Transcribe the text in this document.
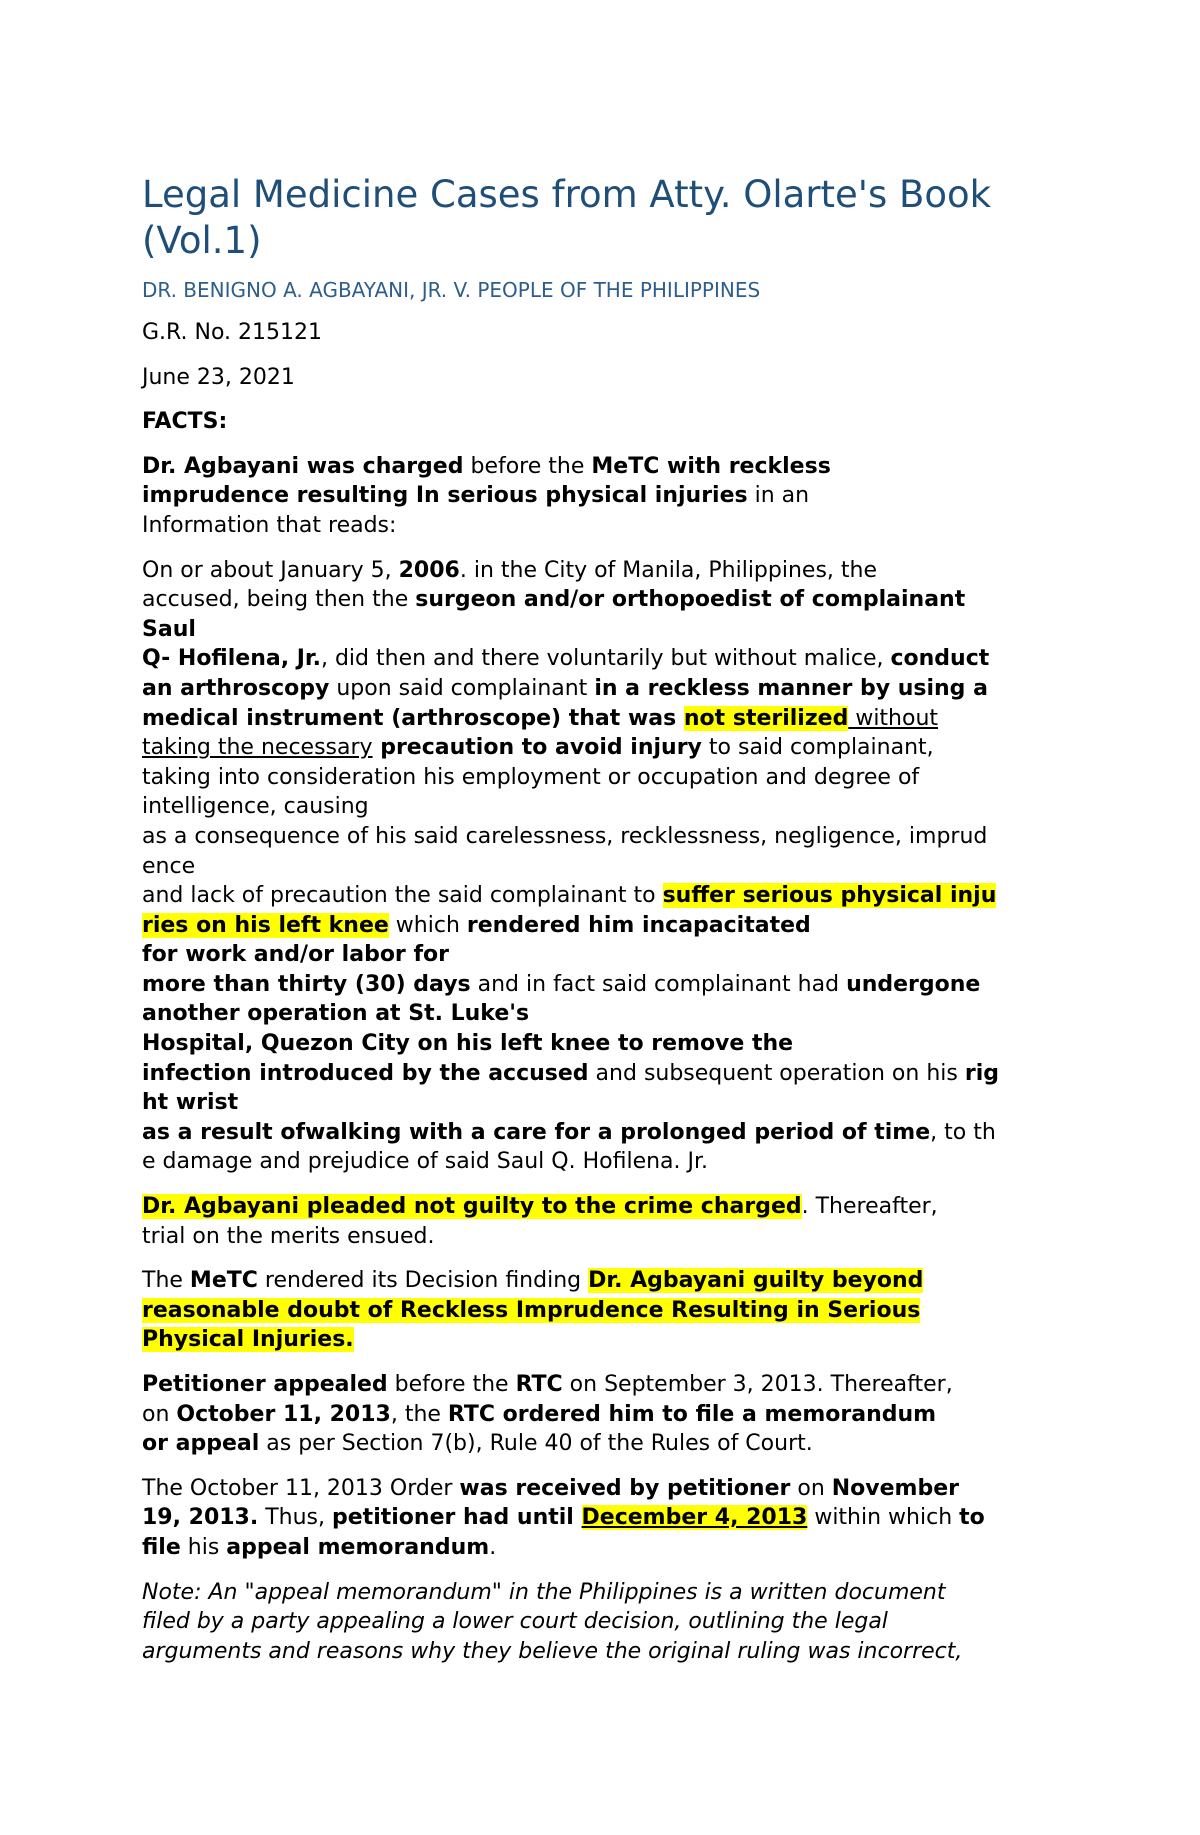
Legal Medicine Cases from Atty. Olarte's Book (Vol.1)
DR. BENIGNO A. AGBAYANI, JR. V. PEOPLE OF THE PHILIPPINES

G.R. No. 215121

June 23, 2021

FACTS:

Dr. Agbayani was charged before the MeTC with reckless
imprudence resulting In serious physical injuries in an
Information that reads:

On or about January 5, 2006. in the City of Manila, Philippines, the
accused, being then the surgeon and/or orthopoedist of complainant
Saul
Q- Hofilena, Jr., did then and there voluntarily but without malice, conduct
an arthroscopy upon said complainant in a reckless manner by using a
medical instrument (arthroscope) that was not sterilized without
taking the necessary precaution to avoid injury to said complainant,
taking into consideration his employment or occupation and degree of
intelligence, causing
as a consequence of his said carelessness, recklessness, negligence, imprud
ence
and lack of precaution the said complainant to suffer serious physical inju
ries on his left knee which rendered him incapacitated
for work and/or labor for
more than thirty (30) days and in fact said complainant had undergone
another operation at St. Luke's
Hospital, Quezon City on his left knee to remove the
infection introduced by the accused and subsequent operation on his rig
ht wrist
as a result ofwalking with a care for a prolonged period of time, to th
e damage and prejudice of said Saul Q. Hofilena. Jr.

Dr. Agbayani pleaded not guilty to the crime charged. Thereafter,
trial on the merits ensued.

The MeTC rendered its Decision finding Dr. Agbayani guilty beyond
reasonable doubt of Reckless Imprudence Resulting in Serious
Physical Injuries.

Petitioner appealed before the RTC on September 3, 2013. Thereafter,
on October 11, 2013, the RTC ordered him to file a memorandum
or appeal as per Section 7(b), Rule 40 of the Rules of Court.

The October 11, 2013 Order was received by petitioner on November
19, 2013. Thus, petitioner had until December 4, 2013 within which to
file his appeal memorandum.

Note: An "appeal memorandum" in the Philippines is a written document
filed by a party appealing a lower court decision, outlining the legal
arguments and reasons why they believe the original ruling was incorrect,
